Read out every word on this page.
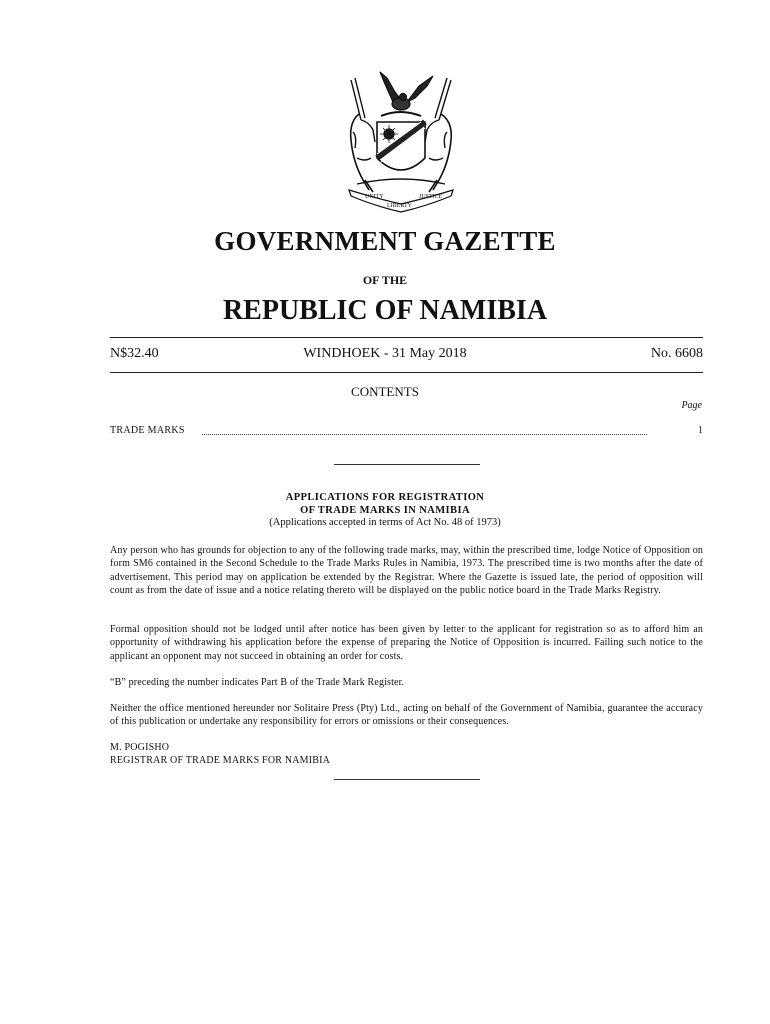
UNITY
LIBERTY
JUSTICE
GOVERNMENT GAZETTE
OF THE
REPUBLIC OF NAMIBIA
N$32.40	WINDHOEK - 31 May 2018	No. 6608
CONTENTS
Page
TRADE MARKS	1
APPLICATIONS FOR REGISTRATION
OF TRADE MARKS IN NAMIBIA
(Applications accepted in terms of Act No. 48 of 1973)
Any person who has grounds for objection to any of the following trade marks, may, within the prescribed time, lodge Notice of Opposition on form SM6 contained in the Second Schedule to the Trade Marks Rules in Namibia, 1973. The prescribed time is two months after the date of advertisement. This period may on application be extended by the Registrar. Where the Gazette is issued late, the period of opposition will count as from the date of issue and a notice relating thereto will be displayed on the public notice board in the Trade Marks Registry.
Formal opposition should not be lodged until after notice has been given by letter to the applicant for registration so as to afford him an opportunity of withdrawing his application before the expense of preparing the Notice of Opposition is incurred. Failing such notice to the applicant an opponent may not succeed in obtaining an order for costs.
“B” preceding the number indicates Part B of the Trade Mark Register.
Neither the office mentioned hereunder nor Solitaire Press (Pty) Ltd., acting on behalf of the Government of Namibia, guarantee the accuracy of this publication or undertake any responsibility for errors or omissions or their consequences.
M. POGISHO
REGISTRAR OF TRADE MARKS FOR NAMIBIA
